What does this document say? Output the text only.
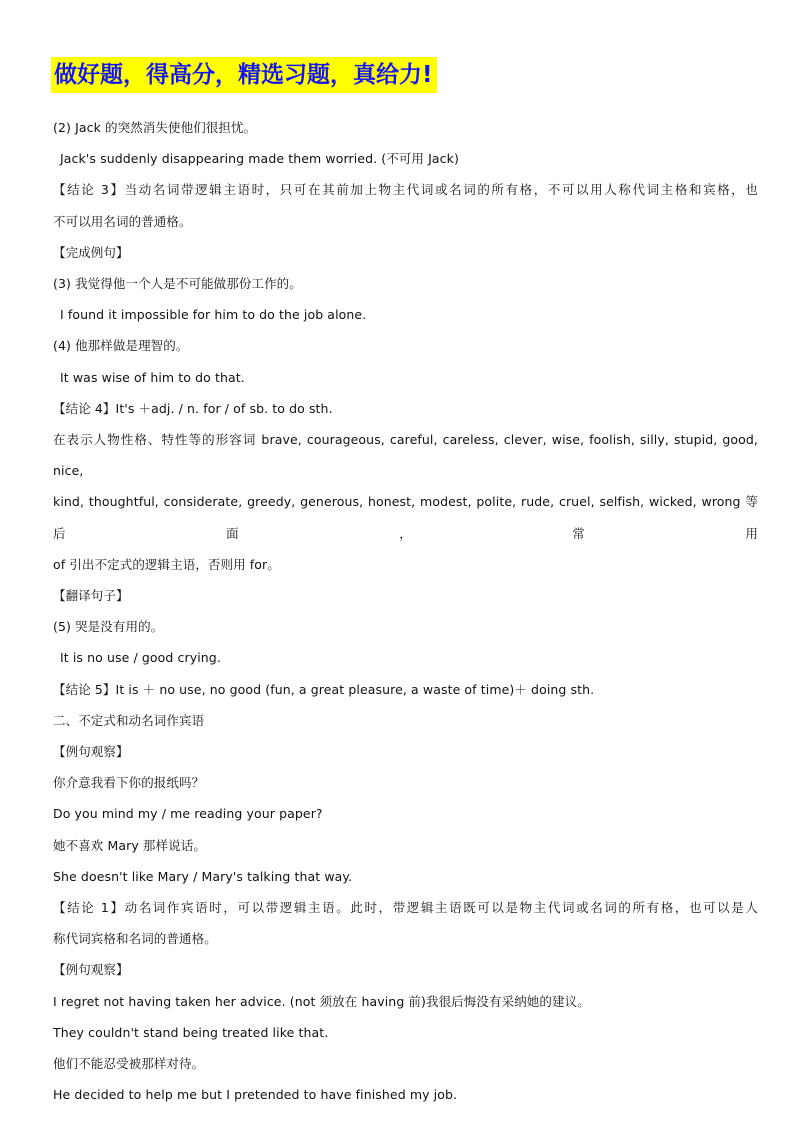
做好题，得高分，精选习题，真给力!
(2) Jack 的突然消失使他们很担忧。
Jack's suddenly disappearing made them worried. (不可用 Jack)
【结论 3】当动名词带逻辑主语时，只可在其前加上物主代词或名词的所有格，不可以用人称代词主格和宾格，也
不可以用名词的普通格。
【完成例句】
(3) 我觉得他一个人是不可能做那份工作的。
I found it impossible for him to do the job alone.
(4) 他那样做是理智的。
It was wise of him to do that.
【结论 4】It's ＋adj. / n. for / of sb. to do sth.
在表示人物性格、特性等的形容词 brave, courageous, careful, careless, clever, wise, foolish, silly, stupid, good, nice,
kind, thoughtful, considerate, greedy, generous, honest, modest, polite, rude, cruel, selfish, wicked, wrong 等后面，常用
of 引出不定式的逻辑主语，否则用 for。
【翻译句子】
(5) 哭是没有用的。
It is no use / good crying.
【结论 5】It is ＋ no use, no good (fun, a great pleasure, a waste of time)＋ doing sth.
二、不定式和动名词作宾语
【例句观察】
你介意我看下你的报纸吗？
Do you mind my / me reading your paper?
她不喜欢 Mary 那样说话。
She doesn't like Mary / Mary's talking that way.
【结论 1】动名词作宾语时，可以带逻辑主语。此时，带逻辑主语既可以是物主代词或名词的所有格，也可以是人
称代词宾格和名词的普通格。
【例句观察】
I regret not having taken her advice. (not 须放在 having 前)我很后悔没有采纳她的建议。
They couldn't stand being treated like that.
他们不能忍受被那样对待。
He decided to help me but I pretended to have finished my job.
